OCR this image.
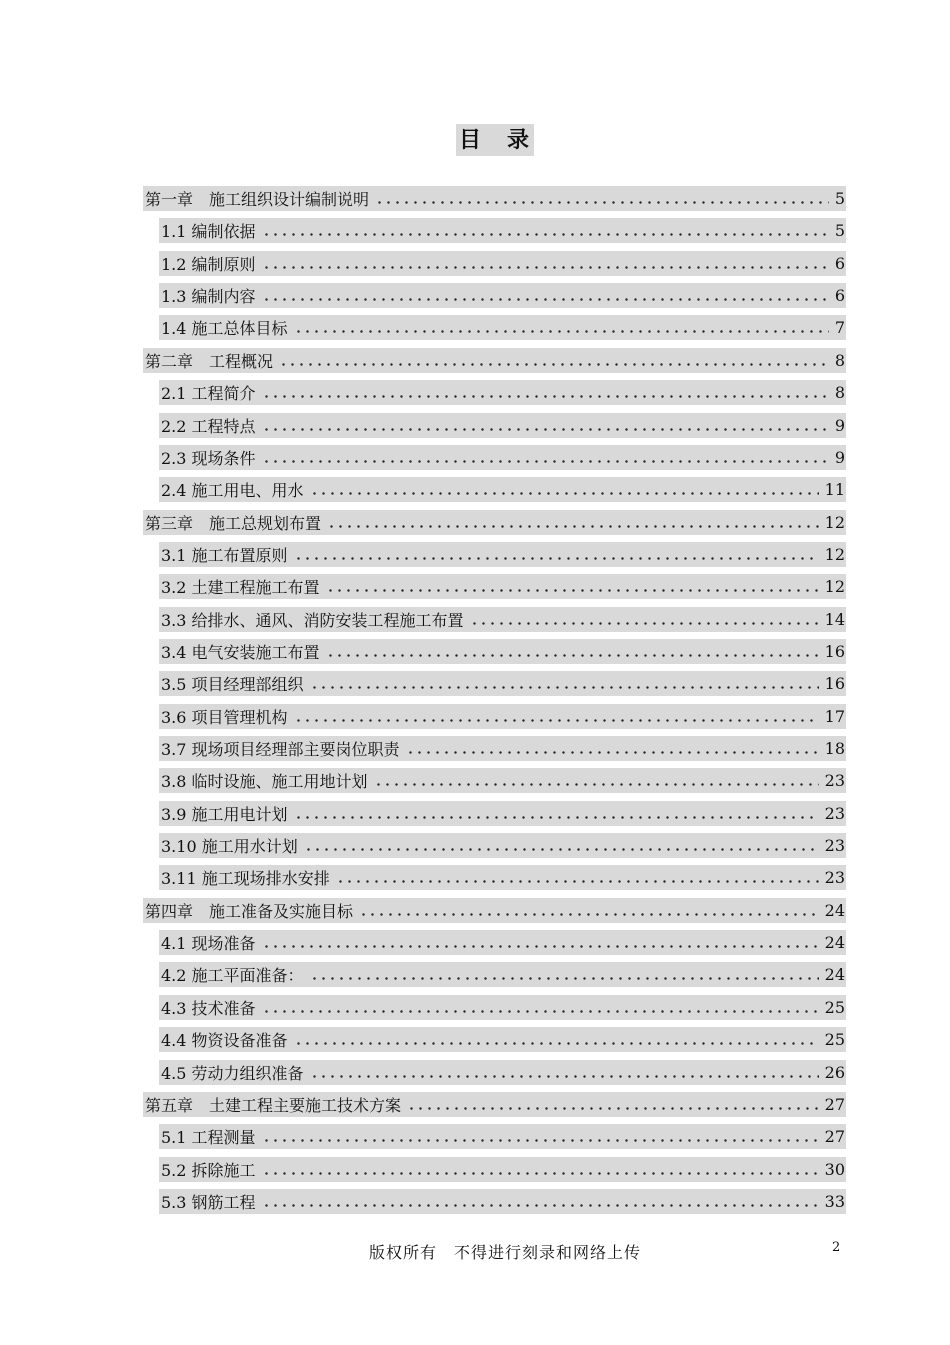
目　录
第一章　施工组织设计编制说明	5
1.1 编制依据	5
1.2 编制原则	6
1.3 编制内容	6
1.4 施工总体目标	7
第二章　工程概况	8
2.1 工程简介	8
2.2 工程特点	9
2.3 现场条件	9
2.4 施工用电、用水	11
第三章　施工总规划布置	12
3.1 施工布置原则	12
3.2 土建工程施工布置	12
3.3 给排水、通风、消防安装工程施工布置	14
3.4 电气安装施工布置	16
3.5 项目经理部组织	16
3.6 项目管理机构	17
3.7 现场项目经理部主要岗位职责	18
3.8 临时设施、施工用地计划	23
3.9 施工用电计划	23
3.10 施工用水计划	23
3.11 施工现场排水安排	23
第四章　施工准备及实施目标	24
4.1 现场准备	24
4.2 施工平面准备：	24
4.3 技术准备	25
4.4 物资设备准备	25
4.5 劳动力组织准备	26
第五章　土建工程主要施工技术方案	27
5.1 工程测量	27
5.2 拆除施工	30
5.3 钢筋工程	33
版权所有　不得进行刻录和网络上传	2
